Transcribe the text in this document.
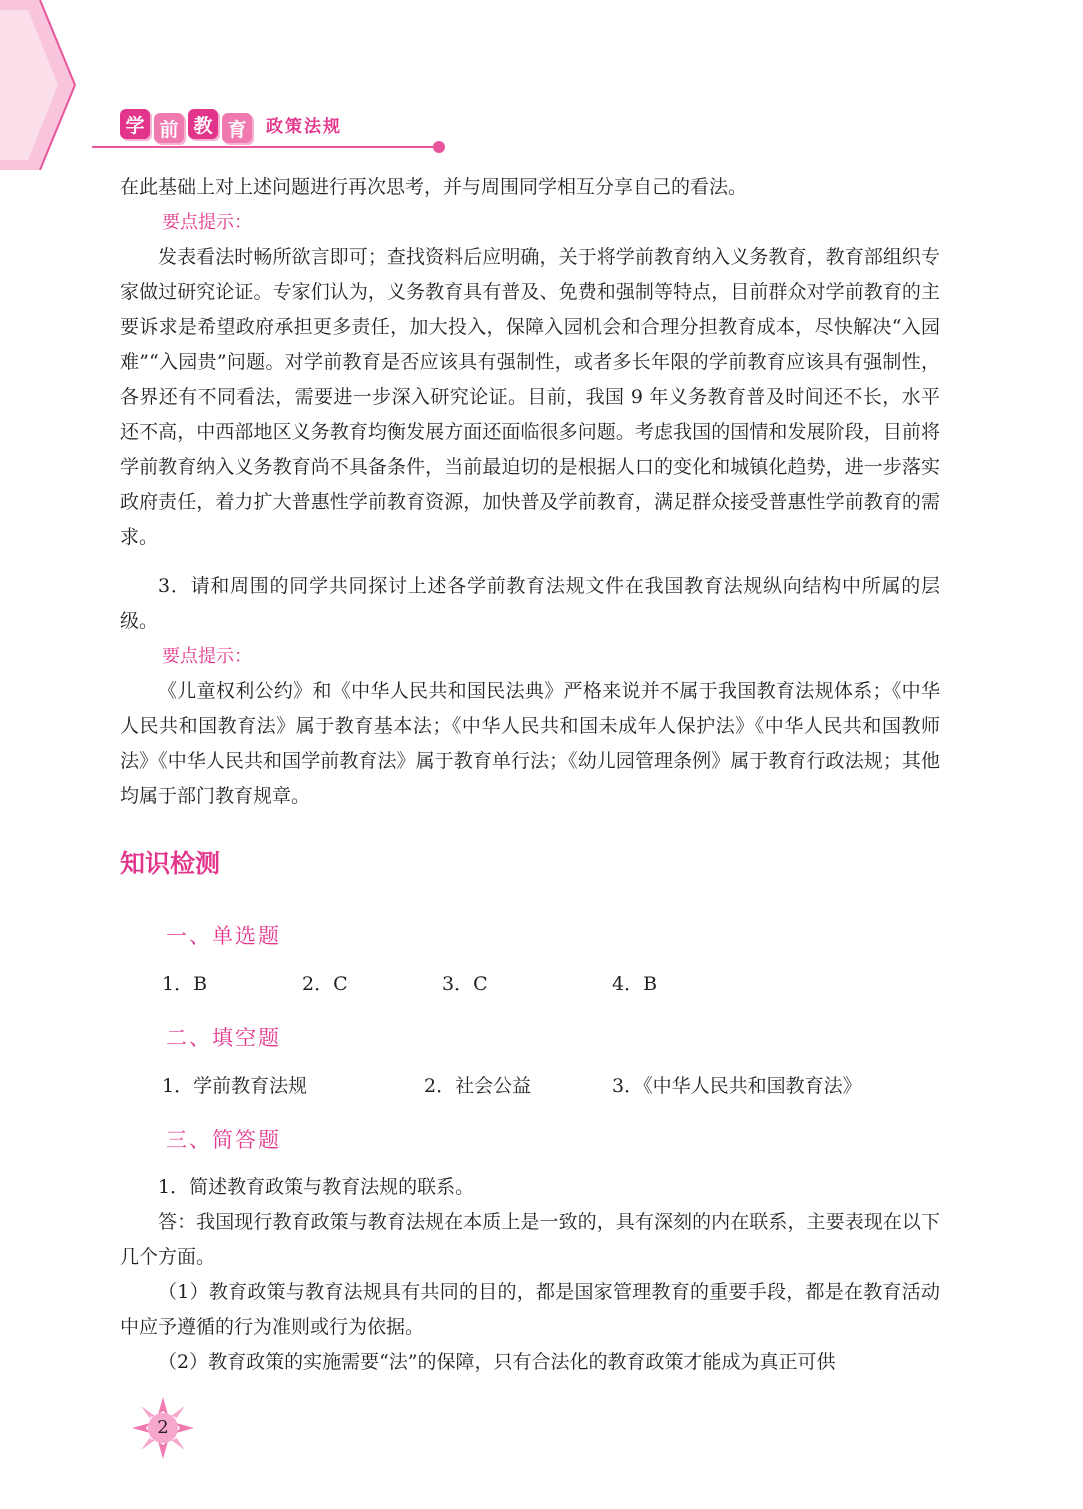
学 前 教 育	政策法规

在此基础上对上述问题进行再次思考，并与周围同学相互分享自己的看法。

要点提示：

发表看法时畅所欲言即可；查找资料后应明确，关于将学前教育纳入义务教育，教育部组织专家做过研究论证。专家们认为，义务教育具有普及、免费和强制等特点，目前群众对学前教育的主要诉求是希望政府承担更多责任，加大投入，保障入园机会和合理分担教育成本，尽快解决“入园难”“入园贵”问题。对学前教育是否应该具有强制性，或者多长年限的学前教育应该具有强制性，各界还有不同看法，需要进一步深入研究论证。目前，我国 9 年义务教育普及时间还不长，水平还不高，中西部地区义务教育均衡发展方面还面临很多问题。考虑我国的国情和发展阶段，目前将学前教育纳入义务教育尚不具备条件，当前最迫切的是根据人口的变化和城镇化趋势，进一步落实政府责任，着力扩大普惠性学前教育资源，加快普及学前教育，满足群众接受普惠性学前教育的需求。

3．请和周围的同学共同探讨上述各学前教育法规文件在我国教育法规纵向结构中所属的层级。

要点提示：

《儿童权利公约》和《中华人民共和国民法典》严格来说并不属于我国教育法规体系；《中华人民共和国教育法》属于教育基本法；《中华人民共和国未成年人保护法》《中华人民共和国教师法》《中华人民共和国学前教育法》属于教育单行法；《幼儿园管理条例》属于教育行政法规；其他均属于部门教育规章。

知识检测
一、单选题
1．B	2．C	3．C	4．B
二、填空题
1．学前教育法规	2．社会公益	3．《中华人民共和国教育法》
三、简答题

1．简述教育政策与教育法规的联系。

答：我国现行教育政策与教育法规在本质上是一致的，具有深刻的内在联系，主要表现在以下几个方面。

（1）教育政策与教育法规具有共同的目的，都是国家管理教育的重要手段，都是在教育活动中应予遵循的行为准则或行为依据。

（2）教育政策的实施需要“法”的保障，只有合法化的教育政策才能成为真正可供

2
